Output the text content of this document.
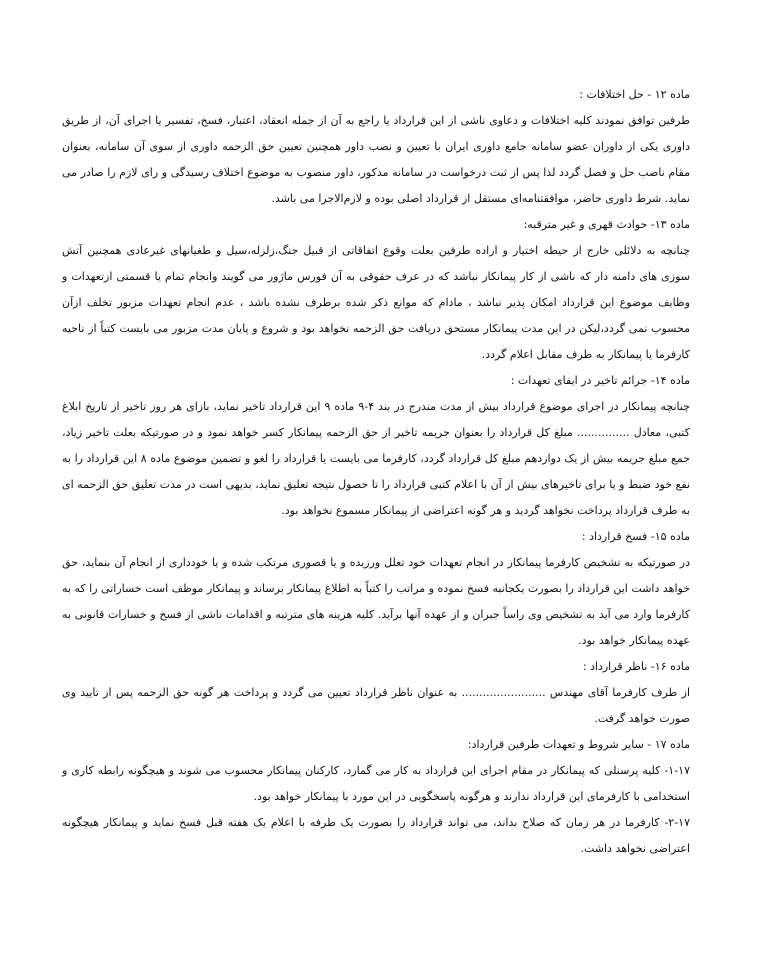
ماده ۱۲ - حل اختلافات :

طرفین توافق نمودند کلیه اختلافات و دعاوی ناشی از این قرارداد یا راجع به آن از جمله انعقاد، اعتبار، فسخ، تفسیر یا اجرای آن، از طریق داوری یکی از داوران عضو سامانه جامع داوری ایران با تعیین و نصب داور همچنین تعیین حق الزحمه داوری از سوی آن سامانه، بعنوان مقام ناصب حل و فصل گردد لذا پس از ثبت درخواست در سامانه مذکور، داور منصوب به موضوع اختلاف رسیدگی و رای لازم را صادر می نماید. شرط داوری حاضر، موافقتنامه‌ای مستقل از قرارداد اصلی بوده و لازم‌الاجرا می باشد.

ماده ۱۳- حوادث قهری و غیر مترقبه:

چنانچه به دلائلی خارج از حیطه اختیار و اراده طرفین بعلت وقوع اتفاقاتی از قبیل جنگ،زلزله،سیل و طغیانهای غیرعادی همچنین آتش سوزی های دامنه دار که ناشی از کار پیمانکار نباشد که در عرف حقوقی به آن فورس ماژور می گویند وانجام تمام یا قسمتی ازتعهدات و وظایف موضوع این قرارداد امکان پذیر نباشد ، مادام که موانع ذکر شده برطرف نشده باشد ، عدم انجام تعهدات مزبور تخلف ازآن محسوب نمی گردد،لیکن در این مدت پیمانکار مستحق دریافت حق الزحمه نخواهد بود و شروع و پایان مدت مزبور می بایست کتباً از ناحیه کارفرما یا پیمانکار به طرف مقابل اعلام گردد.

ماده ۱۴- جرائم تاخیر در ایفای تعهدات :

چنانچه پیمانکار در اجرای موضوع قرارداد بیش از مدت مندرج در بند ۴-۹ ماده ۹ این قرارداد تاخیر نماید، بازای هر روز تاخیر از تاریخ ابلاغ کتبی، معادل ............... مبلغ کل قرارداد را بعنوان جریمه تاخیر از حق الزحمه پیمانکار کسر خواهد نمود و در صورتیکه بعلت تاخیر زیاد، جمع مبلغ جریمه بیش از یک دوازدهم مبلغ کل قرارداد گردد، کارفرما می بایست یا قرارداد را لغو و تضمین موضوع ماده ۸ این قرارداد را به نفع خود ضبط و یا برای تاخیرهای بیش از آن با اعلام کتبی قرارداد را تا حصول نتیجه تعلیق نماید، بدیهی است در مدت تعلیق حق الزحمه ای به طرف قرارداد پرداخت نخواهد گردید و هر گونه اعتراضی از پیمانکار مسموع نخواهد بود.

ماده ۱۵- فسخ قرارداد :

در صورتیکه به تشخیص کارفرما پیمانکار در انجام تعهدات خود تعلل ورزیده و یا قصوری مرتکب شده و یا خودداری از انجام آن بنماید، حق خواهد داشت این قرارداد را بصورت یکجانبه فسخ نموده و مراتب را کتباً به اطلاع پیمانکار برساند و پیمانکار موظف است خساراتی را که به کارفرما وارد می آید به تشخیص وی راساً جبران و از عهده آنها برآید. کلیه هزینه های مترتبه و اقدامات ناشی از فسخ و خسارات قانونی به عهده پیمانکار خواهد بود.

ماده ۱۶- ناظر قرارداد :

از طرف کارفرما آقای مهندس ........................ به عنوان ناظر قرارداد تعیین می گردد و پرداخت هر گونه حق الزحمه پس از تایید وی صورت خواهد گرفت.

ماده ۱۷ - سایر شروط و تعهدات طرفین قرارداد:

۱-۱۷- کلیه پرسنلی که پیمانکار در مقام اجرای این قرارداد به کار می گمارد، کارکنان پیمانکار محسوب می شوند و هیچگونه رابطه کاری و استخدامی با کارفرمای این قرارداد ندارند و هرگونه پاسخگویی در این مورد با پیمانکار خواهد بود.

۲-۱۷- کارفرما در هر زمان که صلاح بداند، می تواند قرارداد را بصورت یک طرفه با اعلام یک هفته قبل فسخ نماید و پیمانکار هیچگونه اعتراضی نخواهد داشت.
